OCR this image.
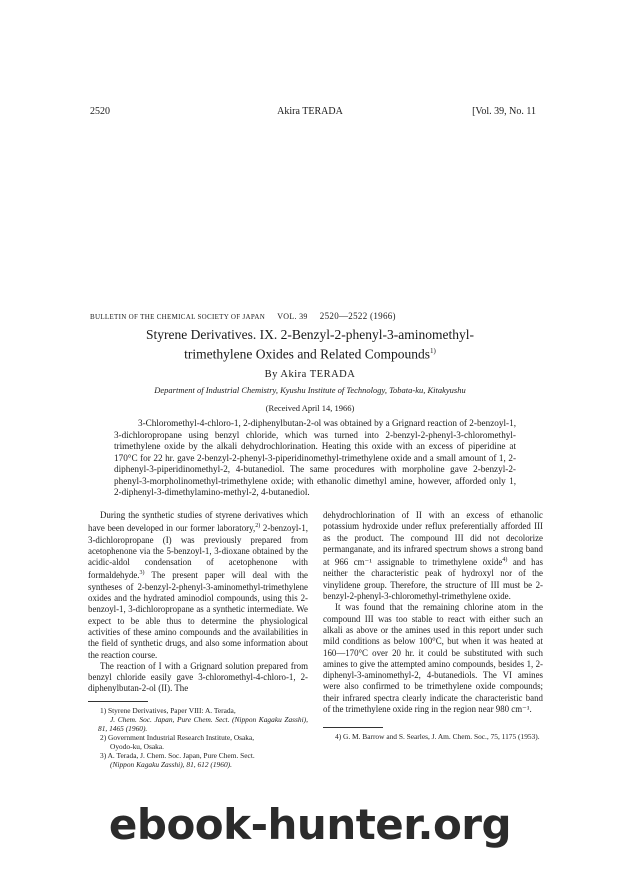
2520	Akira TERADA	[Vol. 39, No. 11
BULLETIN OF THE CHEMICAL SOCIETY OF JAPAN VOL. 39 2520—2522 (1966)
Styrene Derivatives. IX. 2-Benzyl-2-phenyl-3-aminomethyl-
trimethylene Oxides and Related Compounds$^{1)}$
By Akira TERADA
Department of Industrial Chemistry, Kyushu Institute of Technology, Tobata-ku, Kitakyushu
(Received April 14, 1966)

3-Chloromethyl-4-chloro-1, 2-diphenylbutan-2-ol was obtained by a Grignard reaction of 2-benzoyl-1, 3-dichloropropane using benzyl chloride, which was turned into 2-benzyl-2-phenyl-3-chloromethyl-trimethylene oxide by the alkali dehydrochlorination. Heating this oxide with an excess of piperidine at 170°C for 22 hr. gave 2-benzyl-2-phenyl-3-piperidinomethyl-trimethylene oxide and a small amount of 1, 2-diphenyl-3-piperidinomethyl-2, 4-butanediol. The same procedures with morpholine gave 2-benzyl-2-phenyl-3-morpholinomethyl-trimethylene oxide; with ethanolic dimethyl amine, however, afforded only 1, 2-diphenyl-3-dimethylamino-methyl-2, 4-butanediol.

During the synthetic studies of styrene derivatives which have been developed in our former laboratory,$^{2)}$ 2-benzoyl-1, 3-dichloropropane (I) was previously prepared from acetophenone via the 5-benzoyl-1, 3-dioxane obtained by the acidic-aldol condensation of acetophenone with formaldehyde.$^{3)}$ The present paper will deal with the syntheses of 2-benzyl-2-phenyl-3-aminomethyl-trimethylene oxides and the hydrated aminodiol compounds, using this 2-benzoyl-1, 3-dichloropropane as a synthetic intermediate. We expect to be able thus to determine the physiological activities of these amino compounds and the availabilities in the field of synthetic drugs, and also some information about the reaction course.

The reaction of I with a Grignard solution prepared from benzyl chloride easily gave 3-chloromethyl-4-chloro-1, 2-diphenylbutan-2-ol (II). The

1) Styrene Derivatives, Paper VIII: A. Terada,

J. Chem. Soc. Japan, Pure Chem. Sect. (Nippon Kagaku Zasshi), 81, 1465 (1960).

2) Government Industrial Research Institute, Osaka,

Oyodo-ku, Osaka.

3) A. Terada, J. Chem. Soc. Japan, Pure Chem. Sect.

(Nippon Kagaku Zasshi), 81, 612 (1960).

dehydrochlorination of II with an excess of ethanolic potassium hydroxide under reflux preferentially afforded III as the product. The compound III did not decolorize permanganate, and its infrared spectrum shows a strong band at 966 cm⁻¹ assignable to trimethylene oxide$^{4)}$ and has neither the characteristic peak of hydroxyl nor of the vinylidene group. Therefore, the structure of III must be 2-benzyl-2-phenyl-3-chloromethyl-trimethylene oxide.

It was found that the remaining chlorine atom in the compound III was too stable to react with either such an alkali as above or the amines used in this report under such mild conditions as below 100°C, but when it was heated at 160—170°C over 20 hr. it could be substituted with such amines to give the attempted amino compounds, besides 1, 2-diphenyl-3-aminomethyl-2, 4-butanediols. The VI amines were also confirmed to be trimethylene oxide compounds; their infrared spectra clearly indicate the characteristic band of the trimethylene oxide ring in the region near 980 cm⁻¹.

4) G. M. Barrow and S. Searles, J. Am. Chem. Soc., 75, 1175 (1953).

ebook-hunter.org
